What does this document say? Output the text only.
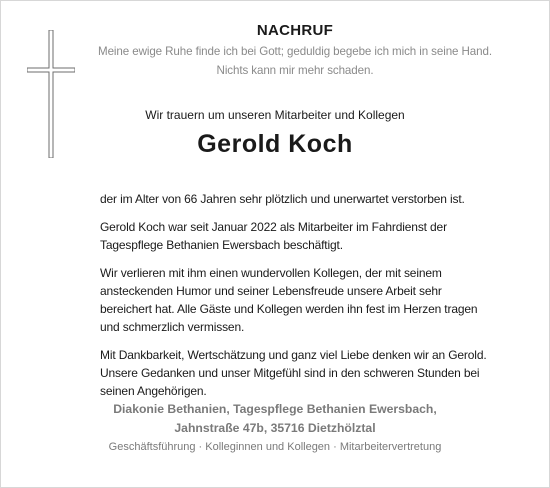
NACHRUF
Meine ewige Ruhe finde ich bei Gott; geduldig begebe ich mich in seine Hand.
Nichts kann mir mehr schaden.
Wir trauern um unseren Mitarbeiter und Kollegen
Gerold Koch

der im Alter von 66 Jahren sehr plötzlich und unerwartet verstorben ist.

Gerold Koch war seit Januar 2022 als Mitarbeiter im Fahrdienst der
Tagespflege Bethanien Ewersbach beschäftigt.

Wir verlieren mit ihm einen wundervollen Kollegen, der mit seinem
ansteckenden Humor und seiner Lebensfreude unsere Arbeit sehr
bereichert hat. Alle Gäste und Kollegen werden ihn fest im Herzen tragen
und schmerzlich vermissen.

Mit Dankbarkeit, Wertschätzung und ganz viel Liebe denken wir an Gerold.
Unsere Gedanken und unser Mitgefühl sind in den schweren Stunden bei
seinen Angehörigen.

Diakonie Bethanien, Tagespflege Bethanien Ewersbach,
Jahnstraße 47b, 35716 Dietzhölztal
Geschäftsführung · Kolleginnen und Kollegen · Mitarbeitervertretung
